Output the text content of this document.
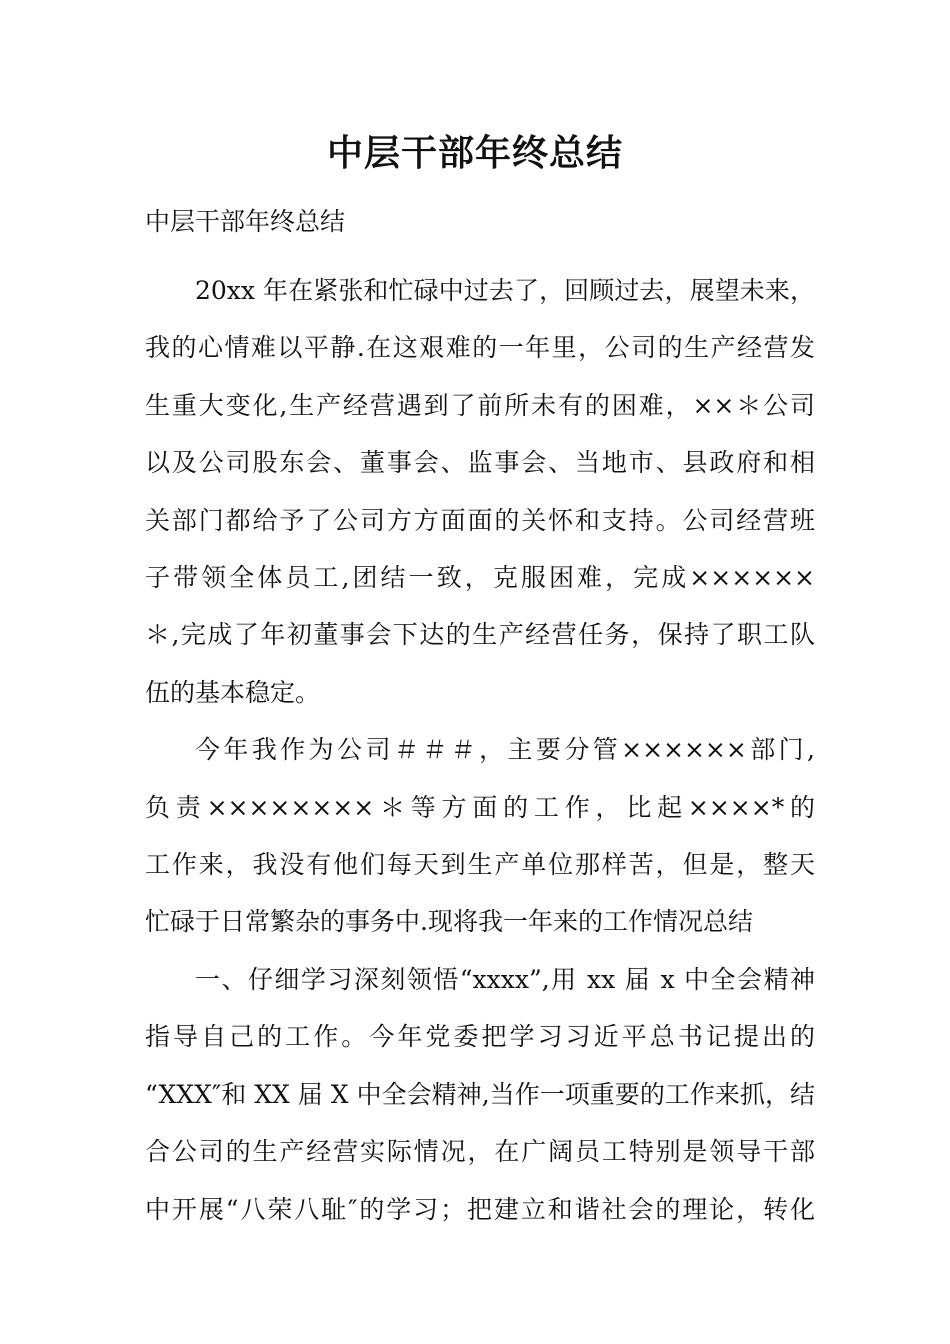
中层干部年终总结
中层干部年终总结

20xx 年在紧张和忙碌中过去了，回顾过去，展望未来，
我的心情难以平静.在这艰难的一年里，公司的生产经营发
生重大变化,生产经营遇到了前所未有的困难，××＊公司
以及公司股东会、董事会、监事会、当地市、县政府和相
关部门都给予了公司方方面面的关怀和支持。公司经营班
子带领全体员工,团结一致，克服困难，完成××××××
＊,完成了年初董事会下达的生产经营任务，保持了职工队
伍的基本稳定。

今年我作为公司＃＃＃，主要分管××××××部门,
负责××××××××＊等方面的工作，比起××××*的
工作来，我没有他们每天到生产单位那样苦，但是，整天
忙碌于日常繁杂的事务中.现将我一年来的工作情况总结

一、仔细学习深刻领悟“xxxx”,用 xx 届 x 中全会精神
指导自己的工作。今年党委把学习习近平总书记提出的
“XXX″和 XX 届 X 中全会精神,当作一项重要的工作来抓，结
合公司的生产经营实际情况，在广阔员工特别是领导干部
中开展“八荣八耻″的学习；把建立和谐社会的理论，转化
